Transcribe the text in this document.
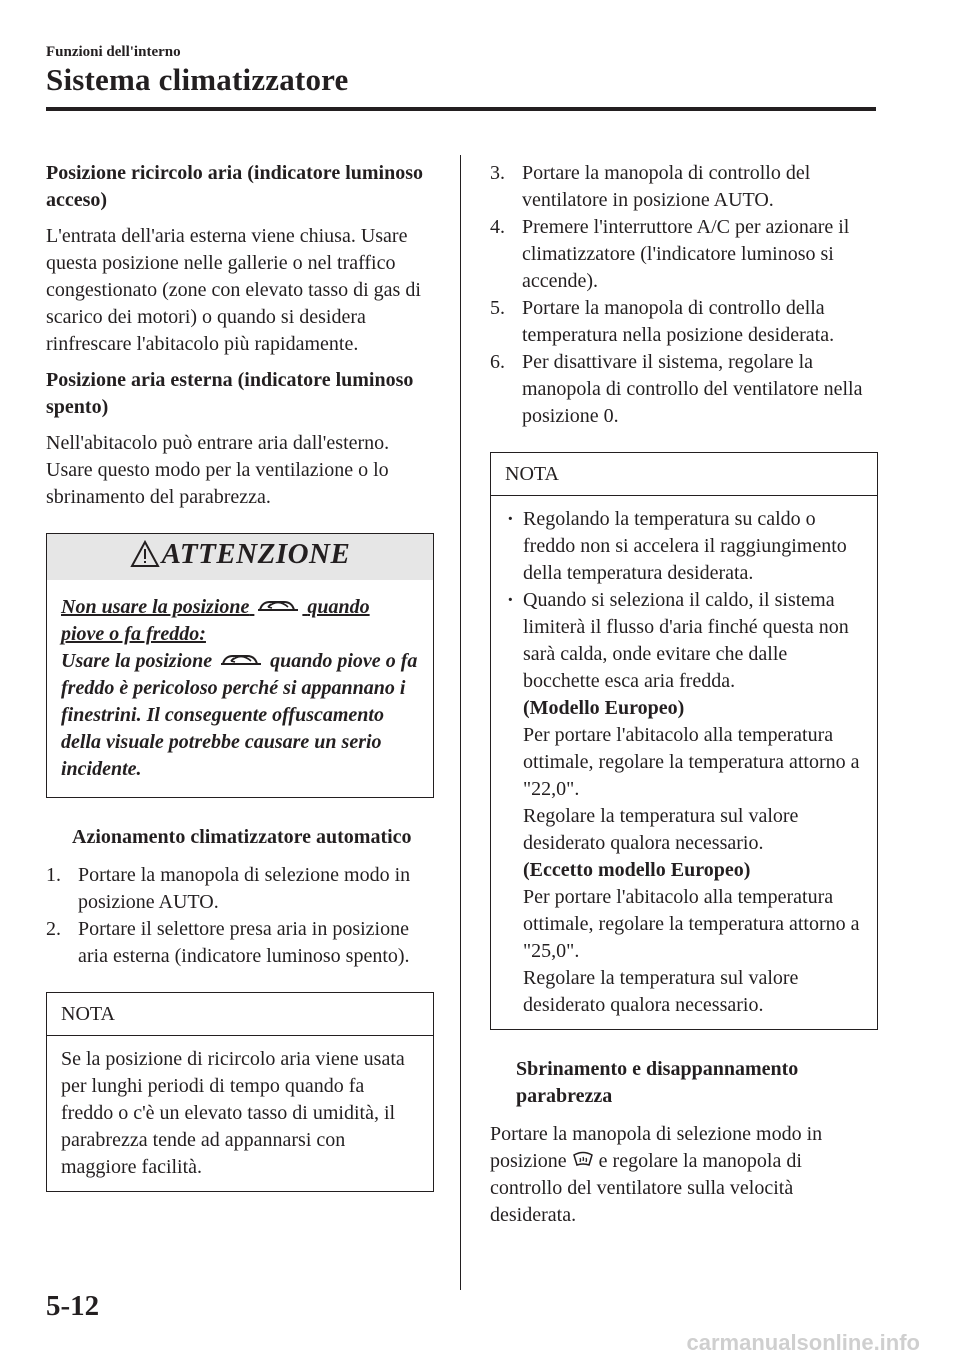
Funzioni dell'interno
Sistema climatizzatore
Posizione ricircolo aria (indicatore luminoso acceso)
L'entrata dell'aria esterna viene chiusa. Usare questa posizione nelle gallerie o nel traffico congestionato (zone con elevato tasso di gas di scarico dei motori) o quando si desidera rinfrescare l'abitacolo più rapidamente.
Posizione aria esterna (indicatore luminoso spento)
Nell'abitacolo può entrare aria dall'esterno. Usare questo modo per la ventilazione o lo sbrinamento del parabrezza.
ATTENZIONE
Non usare la posizione	quando
piove o fa freddo:
Usare la posizione	quando piove o fa freddo è pericoloso perché si appannano i finestrini. Il conseguente offuscamento della visuale potrebbe causare un serio incidente.
Azionamento climatizzatore automatico
1. Portare la manopola di selezione modo in posizione AUTO.
2. Portare il selettore presa aria in posizione aria esterna (indicatore luminoso spento).
NOTA
Se la posizione di ricircolo aria viene usata per lunghi periodi di tempo quando fa freddo o c'è un elevato tasso di umidità, il parabrezza tende ad appannarsi con maggiore facilità.
3. Portare la manopola di controllo del ventilatore in posizione AUTO.
4. Premere l'interruttore A/C per azionare il climatizzatore (l'indicatore luminoso si accende).
5. Portare la manopola di controllo della temperatura nella posizione desiderata.
6. Per disattivare il sistema, regolare la manopola di controllo del ventilatore nella posizione 0.
NOTA
· Regolando la temperatura su caldo o freddo non si accelera il raggiungimento della temperatura desiderata.
· Quando si seleziona il caldo, il sistema limiterà il flusso d'aria finché questa non sarà calda, onde evitare che dalle bocchette esca aria fredda.
(Modello Europeo)
Per portare l'abitacolo alla temperatura ottimale, regolare la temperatura attorno a "22,0".
Regolare la temperatura sul valore desiderato qualora necessario.
(Eccetto modello Europeo)
Per portare l'abitacolo alla temperatura ottimale, regolare la temperatura attorno a "25,0".
Regolare la temperatura sul valore desiderato qualora necessario.
Sbrinamento e disappannamento parabrezza
Portare la manopola di selezione modo in posizione e regolare la manopola di controllo del ventilatore sulla velocità desiderata.
5-12
carmanualsonline.info
